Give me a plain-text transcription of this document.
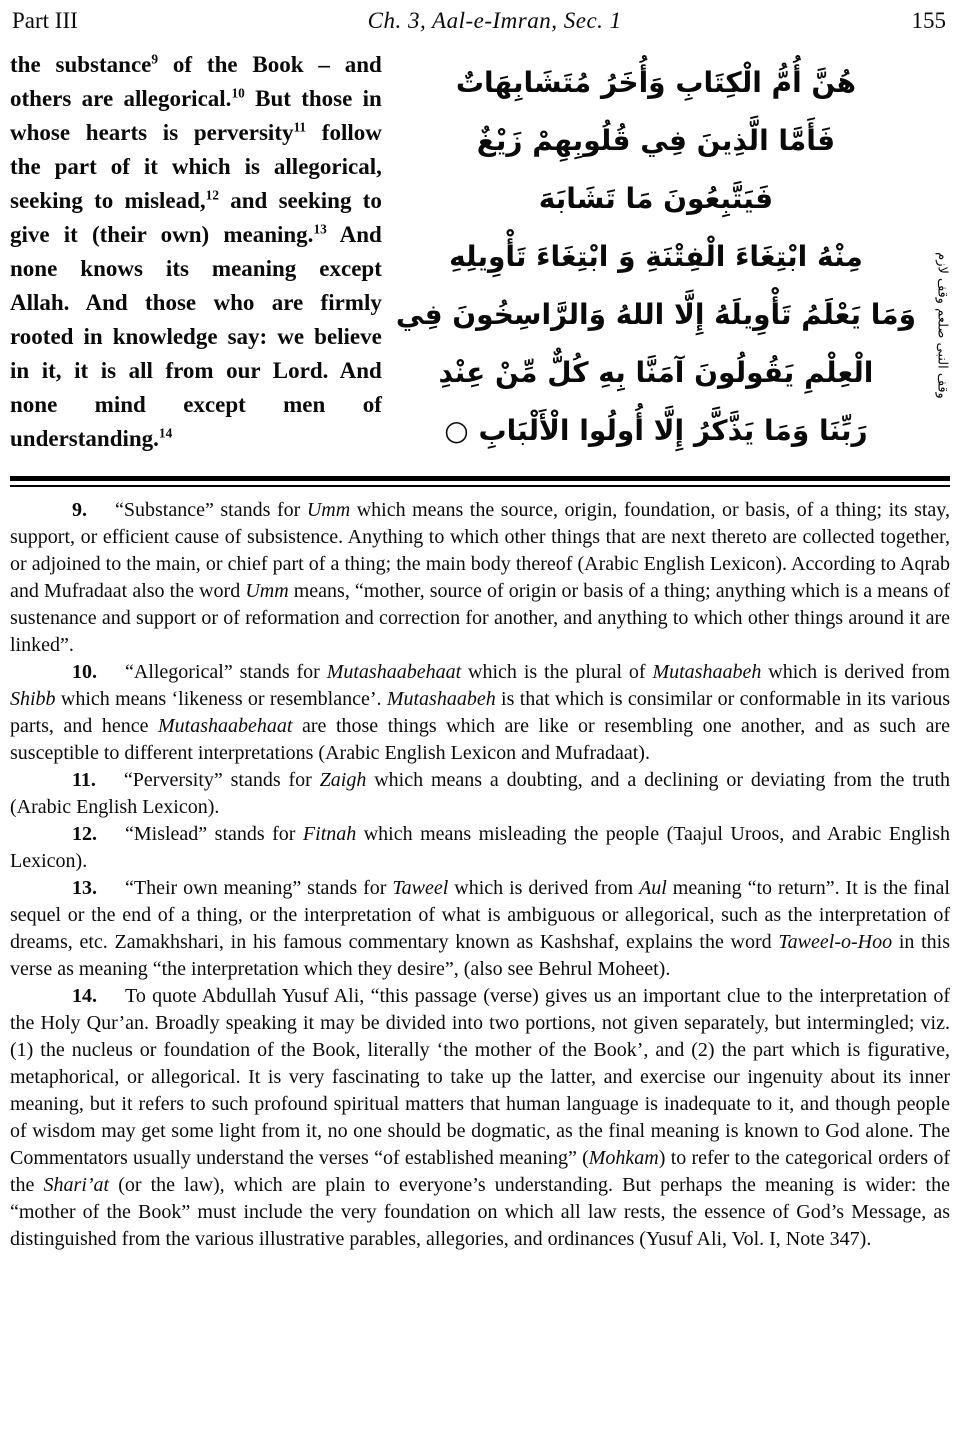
Part III	Ch. 3, Aal-e-Imran, Sec. 1	155

the substance$^9$ of the Book – and others are allegorical.$^{10}$ But those in whose hearts is perversity$^{11}$ follow the part of it which is allegorical, seeking to mislead,$^{12}$ and seeking to give it (their own) meaning.$^{13}$ And none knows its meaning except Allah. And those who are firmly rooted in knowledge say: we believe in it, it is all from our Lord. And none mind except men of understanding.$^{14}$

هُنَّ أُمُّ الْكِتَابِ وَأُخَرُ مُتَشَابِهَاتٌ
فَأَمَّا الَّذِينَ فِي قُلُوبِهِمْ زَيْغٌ
فَيَتَّبِعُونَ مَا تَشَابَهَ
مِنْهُ ابْتِغَاءَ الْفِتْنَةِ وَ ابْتِغَاءَ تَأْوِيلِهِ
وَمَا يَعْلَمُ تَأْوِيلَهُ إِلَّا اللهُ وَالرَّاسِخُونَ فِي
الْعِلْمِ يَقُولُونَ آمَنَّا بِهِ كُلٌّ مِّنْ عِنْدِ
رَبِّنَا وَمَا يَذَّكَّرُ إِلَّا أُولُوا الْأَلْبَابِ ○
وقف النبى صلعم وقف لازم

9. “Substance” stands for Umm which means the source, origin, foundation, or basis, of a thing; its stay, support, or efficient cause of subsistence. Anything to which other things that are next thereto are collected together, or adjoined to the main, or chief part of a thing; the main body thereof (Arabic English Lexicon). According to Aqrab and Mufradaat also the word Umm means, “mother, source of origin or basis of a thing; anything which is a means of sustenance and support or of reformation and correction for another, and anything to which other things around it are linked”.

10. “Allegorical” stands for Mutashaabehaat which is the plural of Mutashaabeh which is derived from Shibb which means ‘likeness or resemblance’. Mutashaabeh is that which is consimilar or conformable in its various parts, and hence Mutashaabehaat are those things which are like or resembling one another, and as such are susceptible to different interpretations (Arabic English Lexicon and Mufradaat).

11. “Perversity” stands for Zaigh which means a doubting, and a declining or deviating from the truth (Arabic English Lexicon).

12. “Mislead” stands for Fitnah which means misleading the people (Taajul Uroos, and Arabic English Lexicon).

13. “Their own meaning” stands for Taweel which is derived from Aul meaning “to return”. It is the final sequel or the end of a thing, or the interpretation of what is ambiguous or allegorical, such as the interpretation of dreams, etc. Zamakhshari, in his famous commentary known as Kashshaf, explains the word Taweel-o-Hoo in this verse as meaning “the interpretation which they desire”, (also see Behrul Moheet).

14. To quote Abdullah Yusuf Ali, “this passage (verse) gives us an important clue to the interpretation of the Holy Qur’an. Broadly speaking it may be divided into two portions, not given separately, but intermingled; viz. (1) the nucleus or foundation of the Book, literally ‘the mother of the Book’, and (2) the part which is figurative, metaphorical, or allegorical. It is very fascinating to take up the latter, and exercise our ingenuity about its inner meaning, but it refers to such profound spiritual matters that human language is inadequate to it, and though people of wisdom may get some light from it, no one should be dogmatic, as the final meaning is known to God alone. The Commentators usually understand the verses “of established meaning” (Mohkam) to refer to the categorical orders of the Shari’at (or the law), which are plain to everyone’s understanding. But perhaps the meaning is wider: the “mother of the Book” must include the very foundation on which all law rests, the essence of God’s Message, as distinguished from the various illustrative parables, allegories, and ordinances (Yusuf Ali, Vol. I, Note 347).
